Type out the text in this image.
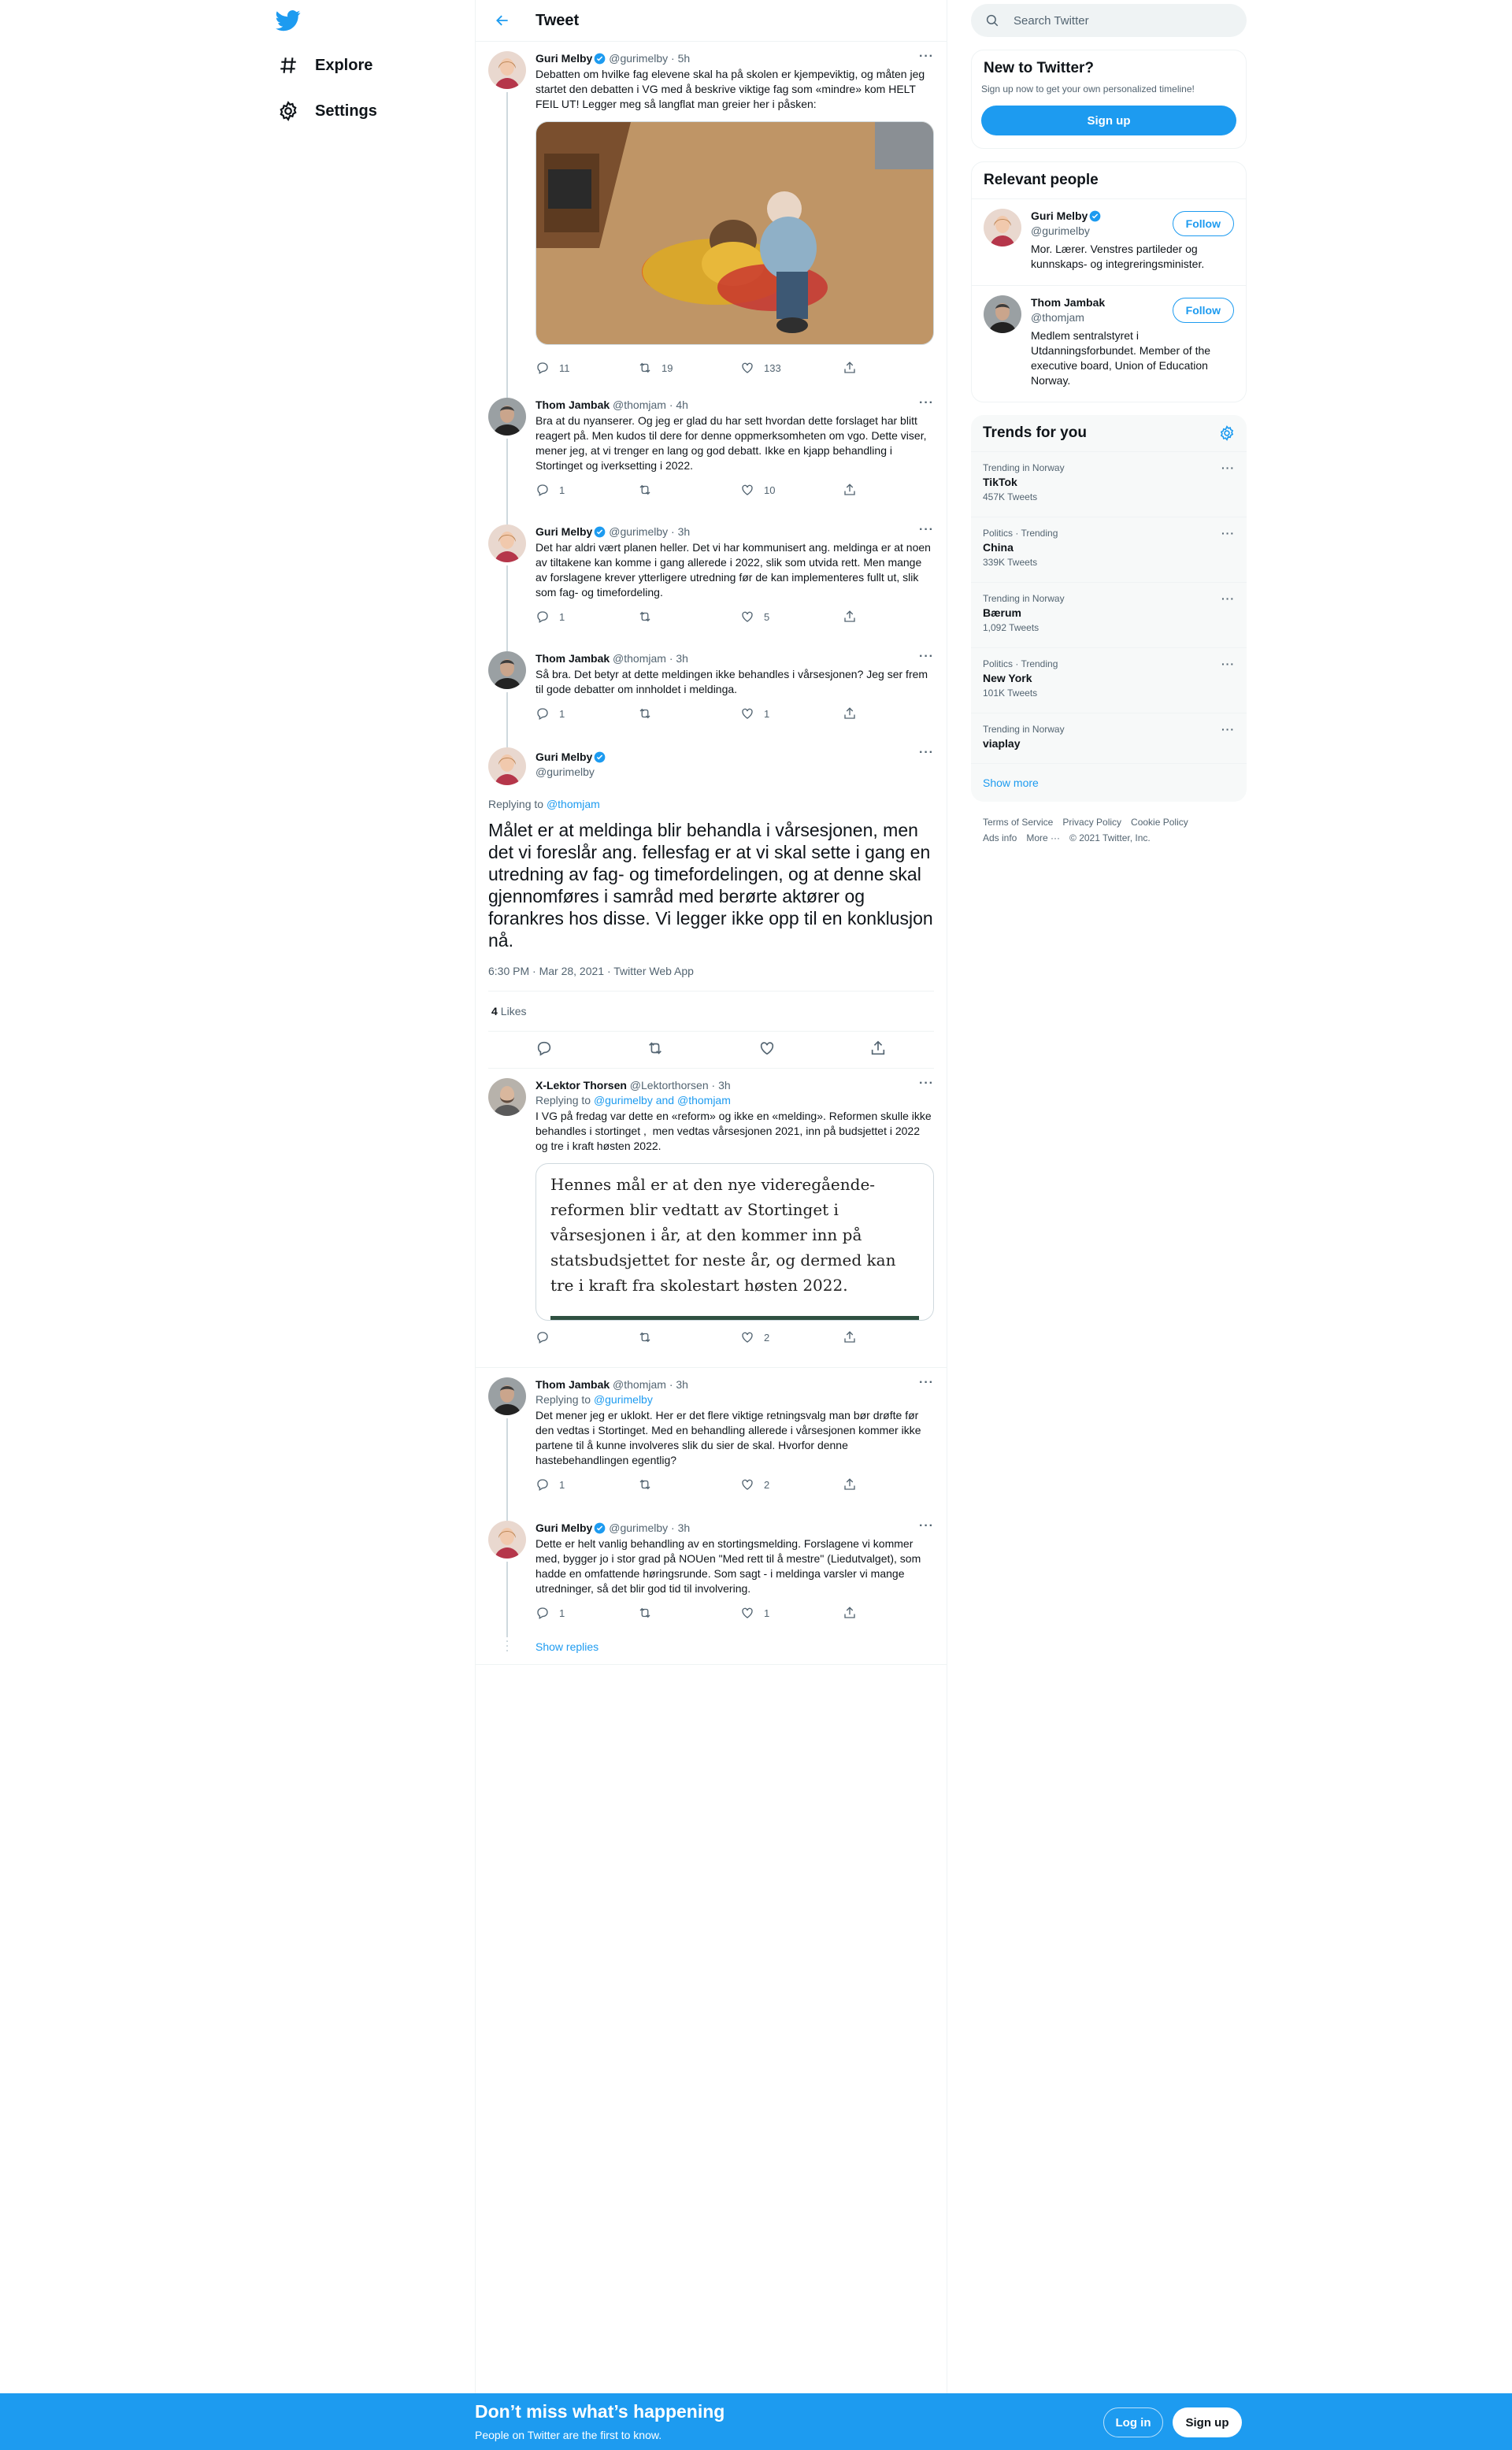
Explore
Settings
Tweet
···
Guri Melby @gurimelby · 5h
Debatten om hvilke fag elevene skal ha på skolen er kjempeviktig, og måten jeg startet den debatten i VG med å beskrive viktige fag som «mindre» kom HELT FEIL UT! Legger meg så langflat man greier her i påsken:
11	19	133
···
Thom Jambak @thomjam · 4h
Bra at du nyanserer. Og jeg er glad du har sett hvordan dette forslaget har blitt reagert på. Men kudos til dere for denne oppmerksomheten om vgo. Dette viser, mener jeg, at vi trenger en lang og god debatt. Ikke en kjapp behandling i Stortinget og iverksetting i 2022.
1	10
···
Guri Melby @gurimelby · 3h
Det har aldri vært planen heller. Det vi har kommunisert ang. meldinga er at noen av tiltakene kan komme i gang allerede i 2022, slik som utvida rett. Men mange av forslagene krever ytterligere utredning før de kan implementeres fullt ut, slik som fag- og timefordeling.
1	5
···
Thom Jambak @thomjam · 3h
Så bra. Det betyr at dette meldingen ikke behandles i vårsesjonen? Jeg ser frem til gode debatter om innholdet i meldinga.
1	1
Guri Melby
@gurimelby
···
Replying to @thomjam
Målet er at meldinga blir behandla i vårsesjonen, men det vi foreslår ang. fellesfag er at vi skal sette i gang en utredning av fag- og timefordelingen, og at denne skal gjennomføres i samråd med berørte aktører og forankres hos disse. Vi legger ikke opp til en konklusjon nå.
6:30 PM · Mar 28, 2021 · Twitter Web App
4 Likes
···
X-Lektor Thorsen @Lektorthorsen · 3h
Replying to @gurimelby and @thomjam
I VG på fredag var dette en «reform» og ikke en «melding». Reformen skulle ikke behandles i stortinget ,  men vedtas vårsesjonen 2021, inn på budsjettet i 2022 og tre i kraft høsten 2022.
Hennes mål er at den nye videregående-reformen blir vedtatt av Stortinget i vårsesjonen i år, at den kommer inn på statsbudsjettet for neste år, og dermed kan tre i kraft fra skolestart høsten 2022.
2
···
Thom Jambak @thomjam · 3h
Replying to @gurimelby
Det mener jeg er uklokt. Her er det flere viktige retningsvalg man bør drøfte før den vedtas i Stortinget. Med en behandling allerede i vårsesjonen kommer ikke partene til å kunne involveres slik du sier de skal. Hvorfor denne hastebehandlingen egentlig?
1	2
···
Guri Melby @gurimelby · 3h
Dette er helt vanlig behandling av en stortingsmelding. Forslagene vi kommer med, bygger jo i stor grad på NOUen "Med rett til å mestre" (Liedutvalget), som hadde en omfattende høringsrunde. Som sagt - i meldinga varsler vi mange utredninger, så det blir god tid til involvering.
1	1
Show replies
Search Twitter
New to Twitter?

Sign up now to get your own personalized timeline!

Sign up
Relevant people
Guri Melby
@gurimelby
Mor. Lærer. Venstres partileder og kunnskaps- og integreringsminister.
Follow
Thom Jambak
@thomjam
Medlem sentralstyret i Utdanningsforbundet. Member of the executive board, Union of Education Norway.
Follow
Trends for you
Trending in Norway
TikTok
457K Tweets
···
Politics · Trending
China
339K Tweets
···
Trending in Norway
Bærum
1,092 Tweets
···
Politics · Trending
New York
101K Tweets
···
Trending in Norway
viaplay
···
Show more
Terms of Service Privacy Policy Cookie Policy
Ads info More ··· © 2021 Twitter, Inc.
Don’t miss what’s happening
People on Twitter are the first to know.
Log in	Sign up
